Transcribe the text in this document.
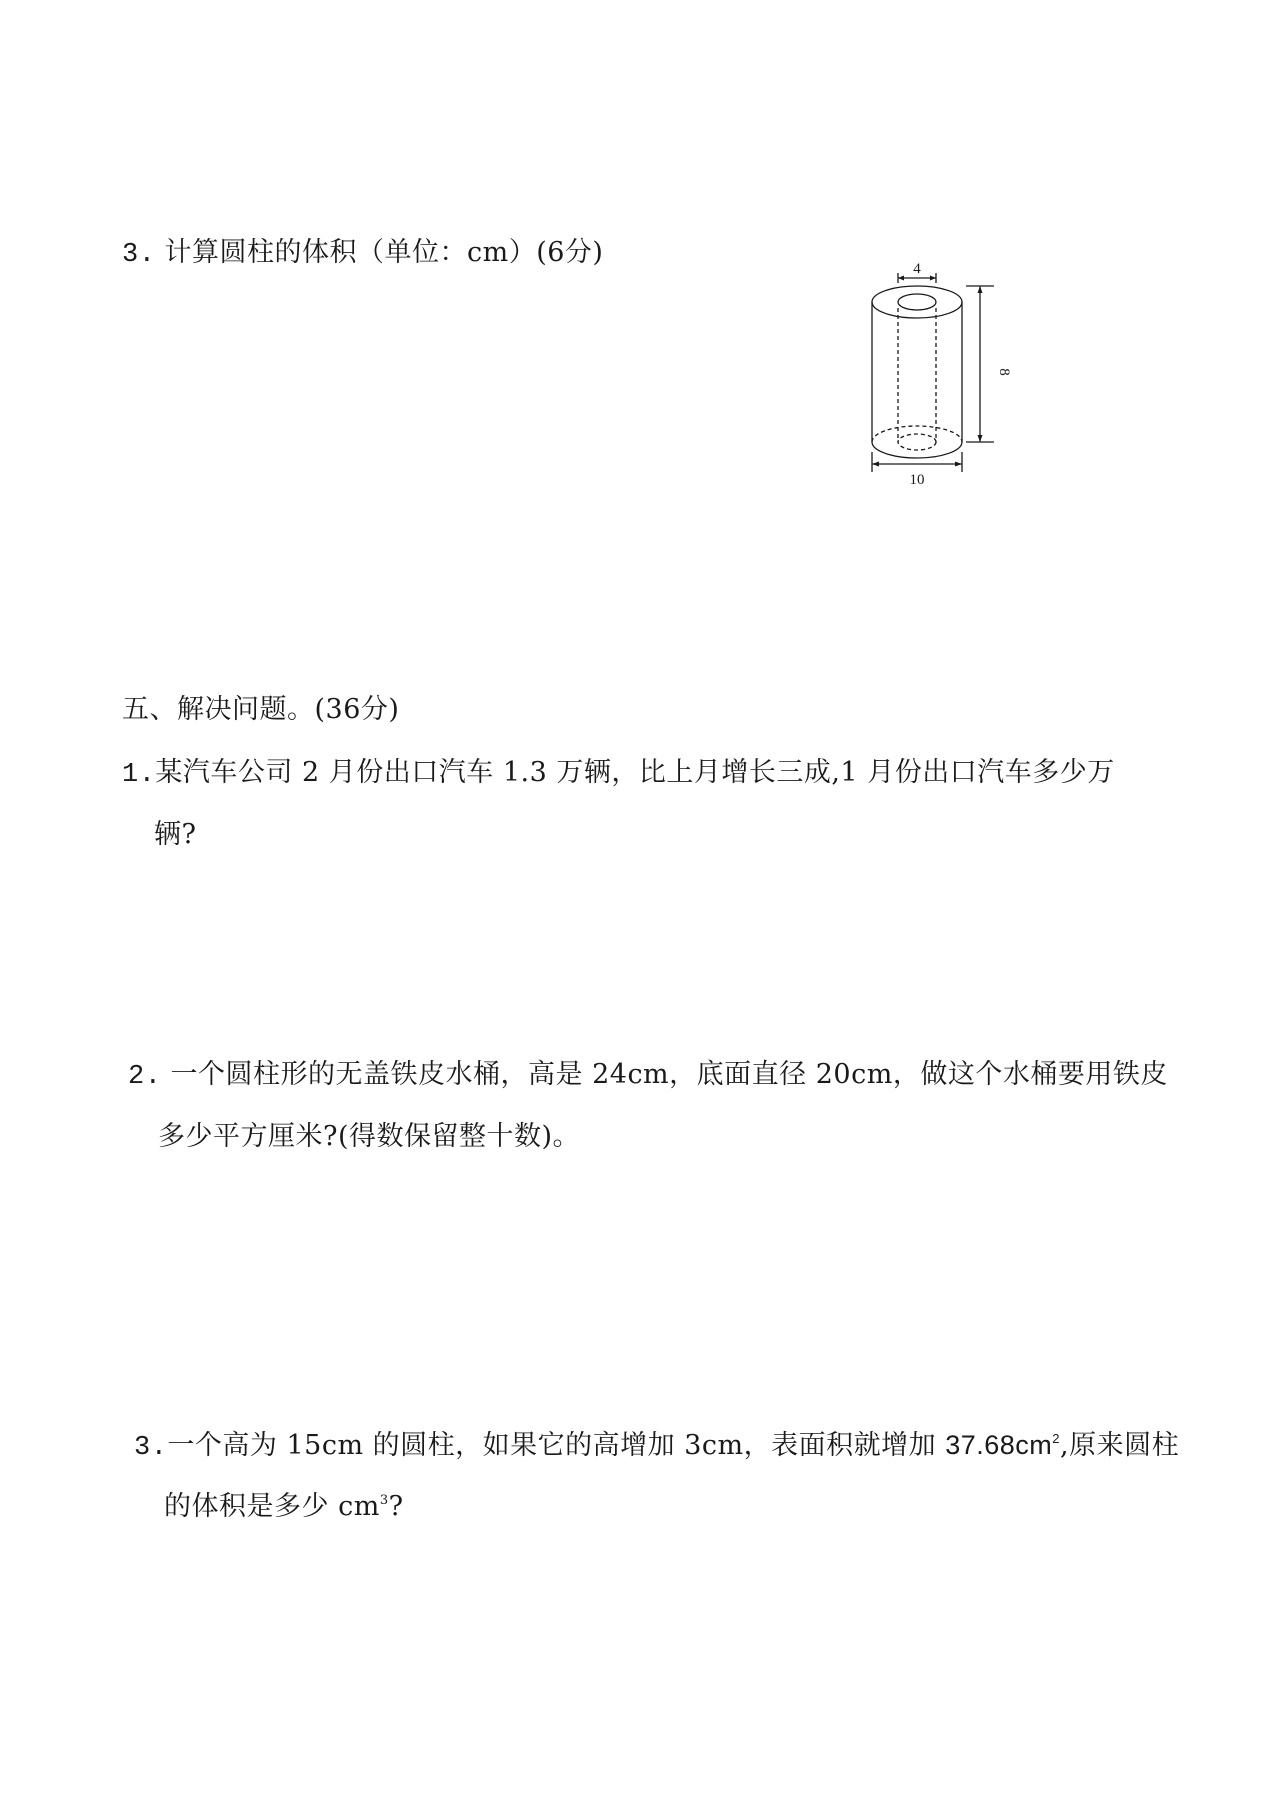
3. 计算圆柱的体积（单位：cm）(6分)
4
8
10
五、解决问题。(36分)
1.某汽车公司 2 月份出口汽车 1.3 万辆，比上月增长三成,1 月份出口汽车多少万
辆?
2. 一个圆柱形的无盖铁皮水桶，高是 24cm，底面直径 20cm，做这个水桶要用铁皮
多少平方厘米?(得数保留整十数)。
3.一个高为 15cm 的圆柱，如果它的高增加 3cm，表面积就增加 $37.68cm^2$,原来圆柱
的体积是多少 $cm^3$?
